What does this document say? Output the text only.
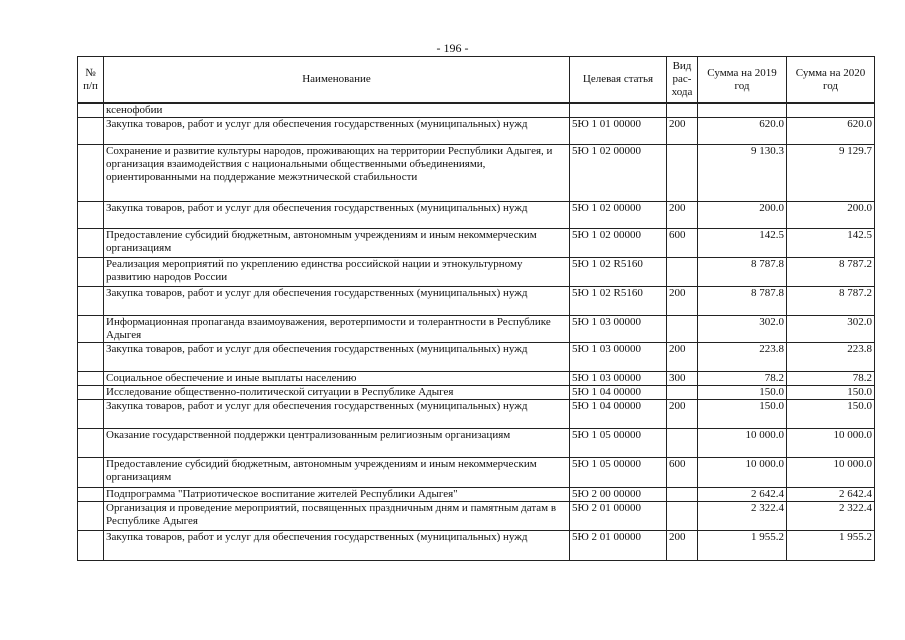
- 196 -
№ п/п	Наименование	Целевая статья	Вид рас- хода	Сумма на 2019 год	Сумма на 2020 год
	ксенофобии				
	Закупка товаров, работ и услуг для обеспечения государственных (муниципальных) нужд	5Ю 1 01 00000	200	620.0	620.0
	Сохранение и развитие культуры народов, проживающих на территории Республики Адыгея, и организация взаимодействия с национальными общественными объединениями, ориентированными на поддержание межэтнической стабильности	5Ю 1 02 00000		9 130.3	9 129.7
	Закупка товаров, работ и услуг для обеспечения государственных (муниципальных) нужд	5Ю 1 02 00000	200	200.0	200.0
	Предоставление субсидий бюджетным, автономным учреждениям и иным некоммерческим организациям	5Ю 1 02 00000	600	142.5	142.5
	Реализация мероприятий по укреплению единства российской нации и этнокультурному развитию народов России	5Ю 1 02 R5160		8 787.8	8 787.2
	Закупка товаров, работ и услуг для обеспечения государственных (муниципальных) нужд	5Ю 1 02 R5160	200	8 787.8	8 787.2
	Информационная пропаганда взаимоуважения, веротерпимости и толерантности в Республике Адыгея	5Ю 1 03 00000		302.0	302.0
	Закупка товаров, работ и услуг для обеспечения государственных (муниципальных) нужд	5Ю 1 03 00000	200	223.8	223.8
	Социальное обеспечение и иные выплаты населению	5Ю 1 03 00000	300	78.2	78.2
	Исследование общественно-политической ситуации в Республике Адыгея	5Ю 1 04 00000		150.0	150.0
	Закупка товаров, работ и услуг для обеспечения государственных (муниципальных) нужд	5Ю 1 04 00000	200	150.0	150.0
	Оказание государственной поддержки централизованным религиозным организациям	5Ю 1 05 00000		10 000.0	10 000.0
	Предоставление субсидий бюджетным, автономным учреждениям и иным некоммерческим организациям	5Ю 1 05 00000	600	10 000.0	10 000.0
	Подпрограмма "Патриотическое воспитание жителей Республики Адыгея"	5Ю 2 00 00000		2 642.4	2 642.4
	Организация и проведение мероприятий, посвященных праздничным дням и памятным датам в Республике Адыгея	5Ю 2 01 00000		2 322.4	2 322.4
	Закупка товаров, работ и услуг для обеспечения государственных (муниципальных) нужд	5Ю 2 01 00000	200	1 955.2	1 955.2
